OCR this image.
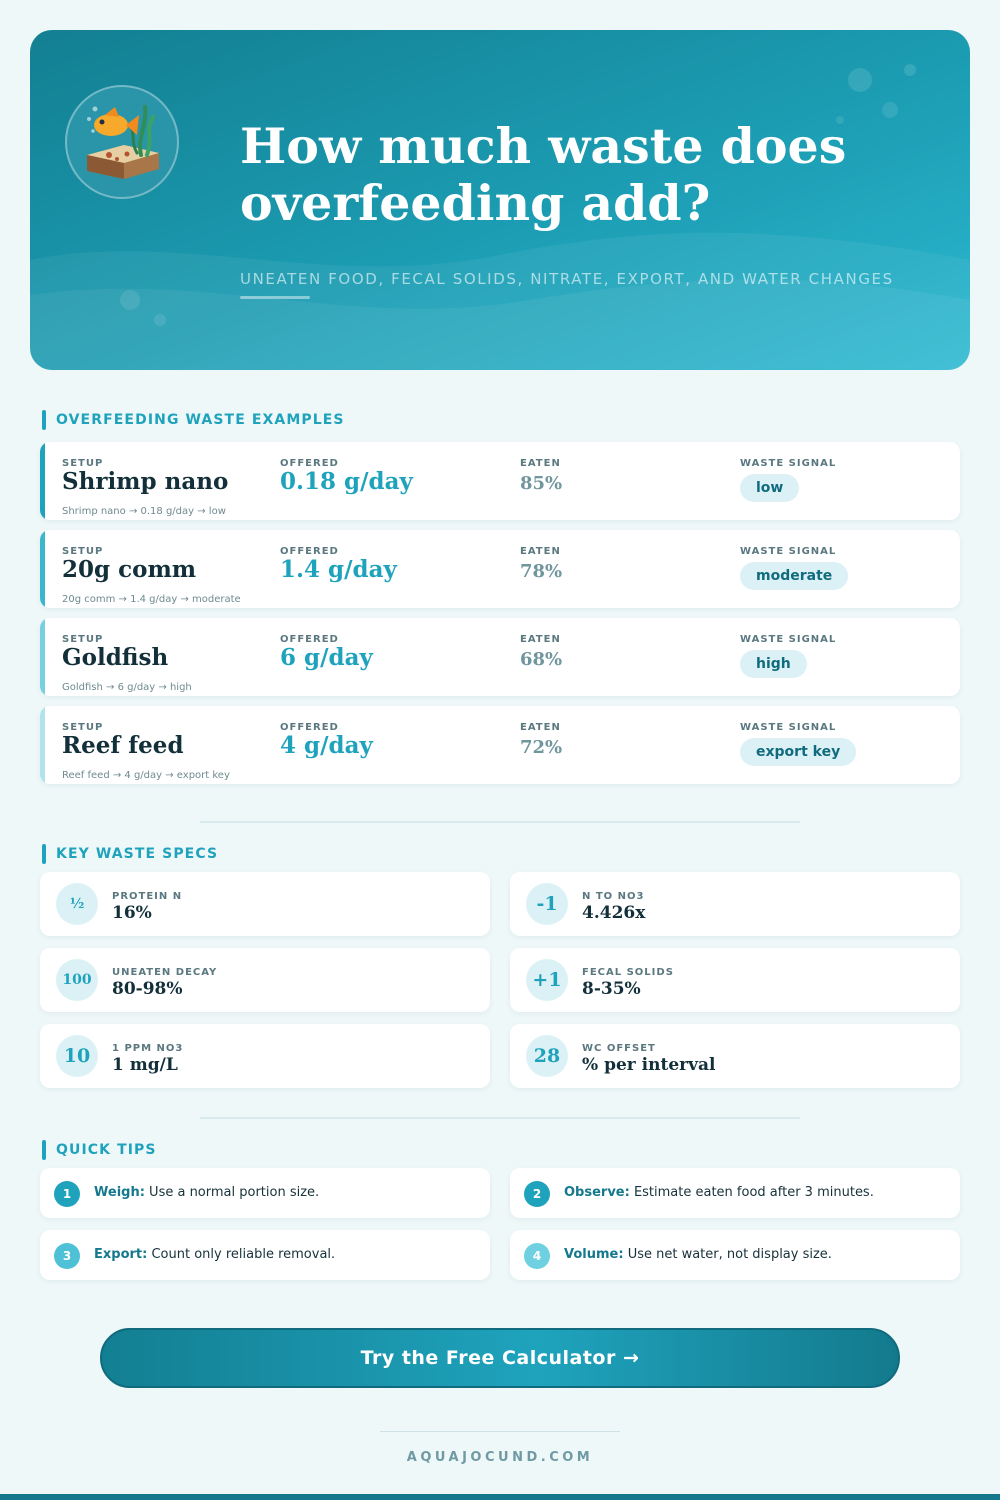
How much waste does overfeeding add?
UNEATEN FOOD, FECAL SOLIDS, NITRATE, EXPORT, AND WATER CHANGES
OVERFEEDING WASTE EXAMPLES
SETUP	OFFERED	EATEN	WASTE SIGNAL
Shrimp nano 0.18 g/day	85%	low
Shrimp nano → 0.18 g/day → low
SETUP	OFFERED	EATEN	WASTE SIGNAL
20g comm	1.4 g/day	78%	moderate
20g comm → 1.4 g/day → moderate
SETUP	OFFERED	EATEN	WASTE SIGNAL
Goldfish	6 g/day	68%	high
Goldfish → 6 g/day → high
SETUP	OFFERED	EATEN	WASTE SIGNAL
Reef feed	4 g/day	72%	export key
Reef feed → 4 g/day → export key
KEY WASTE SPECS
½	PROTEIN N
16%	-1	N TO NO3
4.426x
100	UNEATEN DECAY
80-98%	+1	FECAL SOLIDS
8-35%
10	1 PPM NO3
1 mg/L	28	WC OFFSET
% per interval
QUICK TIPS
1	Weigh: Use a normal portion size.	2	Observe: Estimate eaten food after 3 minutes.
3	Export: Count only reliable removal.	4	Volume: Use net water, not display size.
Try the Free Calculator →
AQUAJOCUND.COM
